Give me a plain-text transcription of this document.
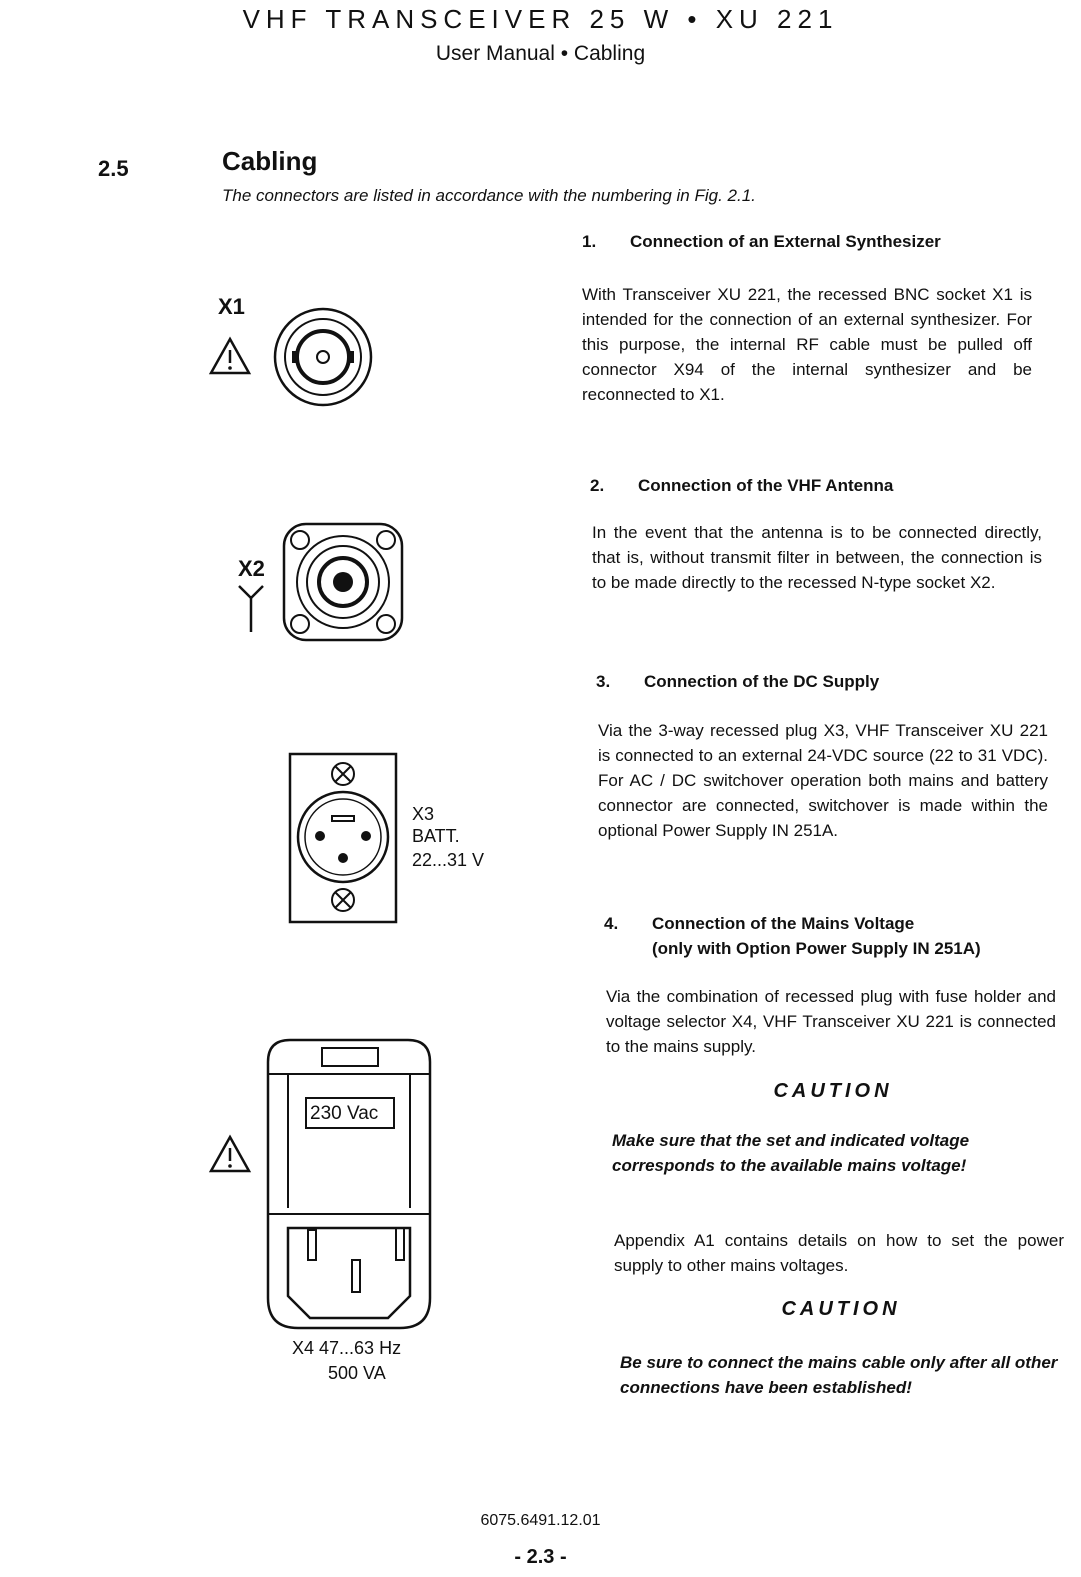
VHF TRANSCEIVER 25 W • XU 221
User Manual • Cabling
2.5	Cabling
The connectors are listed in accordance with the numbering in Fig. 2.1.
1. Connection of an External Synthesizer
With Transceiver XU 221, the recessed BNC socket X1 is intended for the connection of an external synthesizer. For this purpose, the internal RF cable must be pulled off connector X94 of the internal synthesizer and be reconnected to X1.
2. Connection of the VHF Antenna
In the event that the antenna is to be connected directly, that is, without transmit filter in between, the connection is to be made directly to the recessed N-type socket X2.
3. Connection of the DC Supply
Via the 3-way recessed plug X3, VHF Transceiver XU 221 is connected to an external 24-VDC source (22 to 31 VDC). For AC / DC switchover operation both mains and battery connector are connected, switchover is made within the optional Power Supply IN 251A.
4. Connection of the Mains Voltage
(only with Option Power Supply IN 251A)
Via the combination of recessed plug with fuse holder and voltage selector X4, VHF Transceiver XU 221 is connected to the mains supply.
CAUTION
Make sure that the set and indicated voltage corresponds to the available mains voltage!
Appendix A1 contains details on how to set the power supply to other mains voltages.
CAUTION
Be sure to connect the mains cable only after all other connections have been established!
X1
X2
X3
BATT.
22...31 V
230 Vac
X4 47...63 Hz
500 VA
6075.6491.12.01
- 2.3 -
